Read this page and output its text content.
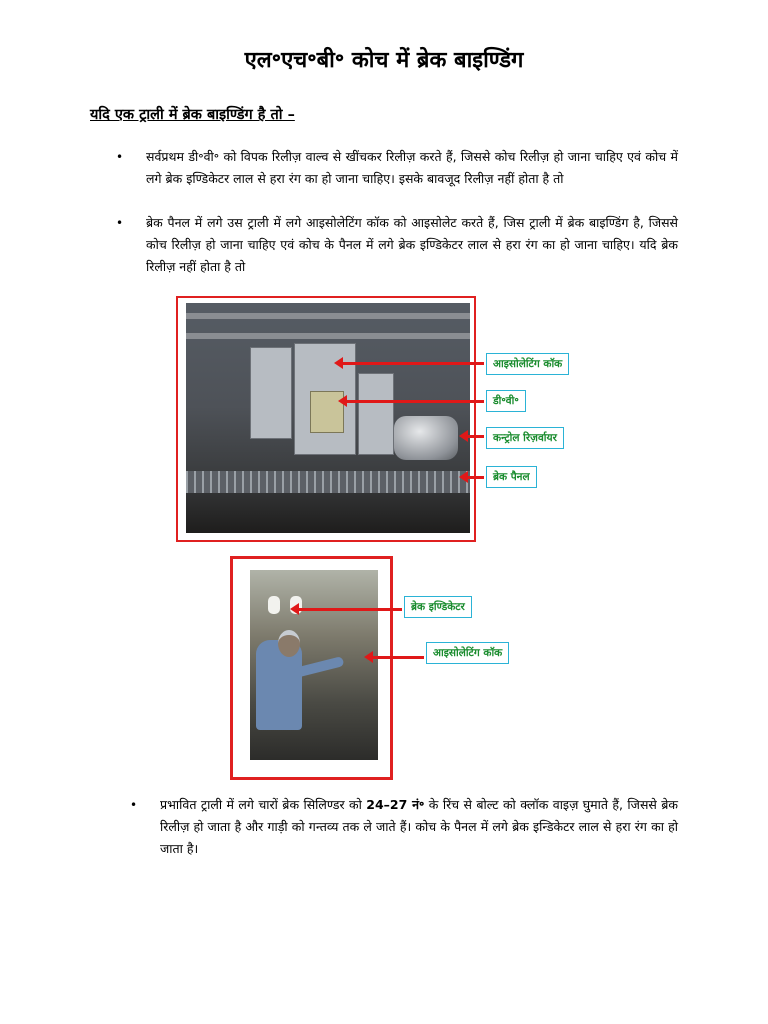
एल॰एच॰बी॰ कोच में ब्रेक बाइण्डिंग
यदि एक ट्राली में ब्रेक बाइण्डिंग है तो –
• सर्वप्रथम डी॰वी॰ को विपक रिलीज़ वाल्व से खींचकर रिलीज़ करते हैं, जिससे कोच रिलीज़ हो जाना चाहिए एवं कोच में लगे ब्रेक इण्डिकेटर लाल से हरा रंग का हो जाना चाहिए। इसके बावजूद रिलीज़ नहीं होता है तो
• ब्रेक पैनल में लगे उस ट्राली में लगे आइसोलेटिंग कॉक को आइसोलेट करते हैं, जिस ट्राली में ब्रेक बाइण्डिंग है, जिससे कोच रिलीज़ हो जाना चाहिए एवं कोच के पैनल में लगे ब्रेक इण्डिकेटर लाल से हरा रंग का हो जाना चाहिए। यदि ब्रेक रिलीज़ नहीं होता है तो
आइसोलेटिंग कॉक
डी॰वी॰
कन्ट्रोल रिज़र्वायर
ब्रेक पैनल
ब्रेक इण्डिकेटर
आइसोलेटिंग कॉक
• प्रभावित ट्राली में लगे चारों ब्रेक सिलिण्डर को 24–27 नं॰ के रिंच से बोल्ट को क्लॉक वाइज़ घुमाते हैं, जिससे ब्रेक रिलीज़ हो जाता है और गाड़ी को गन्तव्य तक ले जाते हैं। कोच के पैनल में लगे ब्रेक इन्डिकेटर लाल से हरा रंग का हो जाता है।
